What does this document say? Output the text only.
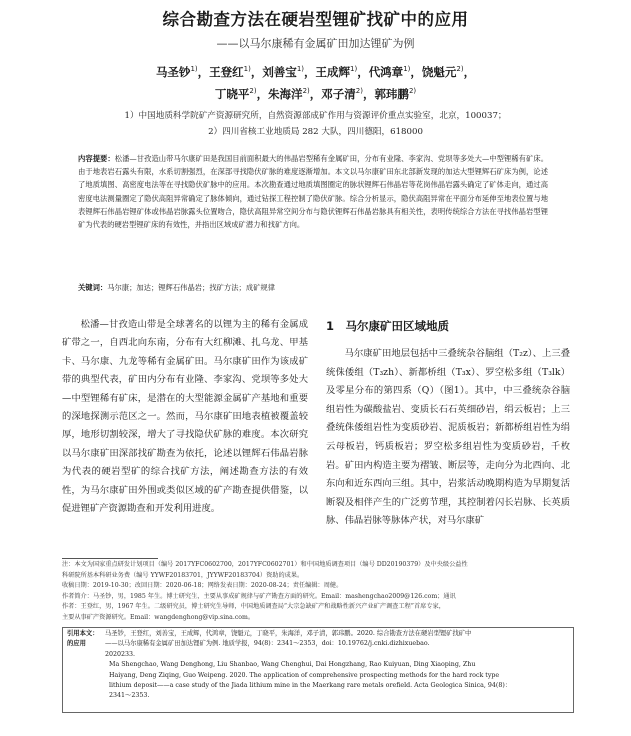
综合勘查方法在硬岩型锂矿找矿中的应用
——以马尔康稀有金属矿田加达锂矿为例
马圣钞$^{1)}$，王登红$^{1)}$，刘善宝$^{1)}$，王成辉$^{1)}$，代鸿章$^{1)}$，饶魁元$^{2)}$，
丁晓平$^{2)}$，朱海洋$^{2)}$，邓子清$^{2)}$，郭玮鹏$^{2)}$
1）中国地质科学院矿产资源研究所，自然资源部成矿作用与资源评价重点实验室，北京，100037；
2）四川省核工业地质局 282 大队，四川德阳，618000
内容提要：松潘—甘孜造山带马尔康矿田是我国目前面积最大的伟晶岩型稀有金属矿田，分布有业隆、李家沟、党坝等多处大—中型锂稀有矿床。由于地表岩石露头有限，水系切割强烈，在深部寻找隐伏矿脉的难度逐渐增加。本文以马尔康矿田东北部新发现的加达大型锂辉石矿床为例，论述了地质填图、高密度电法等在寻找隐伏矿脉中的应用。本次勘查通过地质填图圈定的脉状锂辉石伟晶岩等花岗伟晶岩露头确定了矿体走向，通过高密度电法测量圈定了隐伏高阻异常确定了脉体倾向，通过钻探工程控制了隐伏矿脉。综合分析显示，隐伏高阻异常在平面分布延伸至地表位置与地表锂辉石伟晶岩锂矿体或伟晶岩脉露头位置吻合，隐伏高阻异常空间分布与隐伏锂辉石伟晶岩脉具有相关性，表明传统综合方法在寻找伟晶岩型锂矿为代表的硬岩型锂矿床的有效性，并指出区域成矿潜力和找矿方向。
关键词：马尔康；加达；锂辉石伟晶岩；找矿方法；成矿规律
松潘—甘孜造山带是全球著名的以锂为主的稀有金属成矿带之一，自西北向东南，分布有大红柳滩、扎乌龙、甲基卡、马尔康、九龙等稀有金属矿田。马尔康矿田作为该成矿带的典型代表，矿田内分布有业隆、李家沟、党坝等多处大—中型锂稀有矿床，是潜在的大型能源金属矿产基地和重要的深地探测示范区之一。然而，马尔康矿田地表植被覆盖较厚，地形切割较深，增大了寻找隐伏矿脉的难度。本次研究以马尔康矿田深部找矿勘查为依托，论述以锂辉石伟晶岩脉为代表的硬岩型矿的综合找矿方法，阐述勘查方法的有效性，为马尔康矿田外围或类似区域的矿产勘查提供借鉴，以促进锂矿产资源勘查和开发利用进度。
1　马尔康矿田区域地质
马尔康矿田地层包括中三叠统杂谷脑组（T₂z）、上三叠统侏倭组（T₃zh）、新都桥组（T₃x）、罗空松多组（T₃lk）及零星分布的第四系（Q）（图1）。其中，中三叠统杂谷脑组岩性为碳酸盐岩、变质长石石英细砂岩，绢云板岩；上三叠统侏倭组岩性为变质砂岩、泥质板岩；新都桥组岩性为绢云母板岩，钙质板岩；罗空松多组岩性为变质砂岩，千枚岩。矿田内构造主要为褶皱、断层等，走向分为北西向、北东向和近东西向三组。其中，岩浆活动晚期构造为早期复活断裂及相伴产生的广泛剪节理，其控制着闪长岩脉、长英质脉、伟晶岩脉等脉体产状，对马尔康矿
注：本文为国家重点研发计划项目（编号 2017YFC0602700，2017YFC0602701）和中国地质调查项目（编号 DD20190379）及中央级公益性
科研院所基本科研业务费（编号 YYWF201837​01，JYYWF20183704）资助的成果。
收稿日期：2019-10-30；改回日期：2020-06-18；网络发表日期：2020-08-24；责任编辑：周健。
作者简介：马圣钞，男，1985 年生。博士研究生，主要从事成矿规律与矿产勘查方面的研究。Email：mashengchao2009@126.com；通讯
作者：王登红，男，1967 年生。二级研究员，博士研究生导师，中国地质调查局“大宗急缺矿产和战略性新兴产业矿产调查工程”首席专家，
主要从事矿产资源研究。Email：wangdenghong@vip.sina.com。
引用本文：	马圣钞，王登红，刘善宝，王成辉，代鸿章，饶魁元，丁晓平，朱海洋，邓子清，郭玮鹏。2020. 综合勘查方法在硬岩型锂矿找矿中
的应用	——以马尔康稀有金属矿田加达锂矿为例. 地质学报，94(8)：2341～2353，doi：10.19762/j.cnki.dizhixuebao.
2020233.
Ma Shengchao, Wang Denghong, Liu Shanbao, Wang Chenghui, Dai Hongzhang, Rao Kuiyuan, Ding Xiaoping, Zhu
Haiyang, Deng Ziqing, Guo Weipeng. 2020. The application of comprehensive prospecting methods for the hard rock type
lithium deposit——a case study of the Jiada lithium mine in the Maerkang rare metals orefield. Acta Geologica Sinica, 94(8)：
2341～2353.
